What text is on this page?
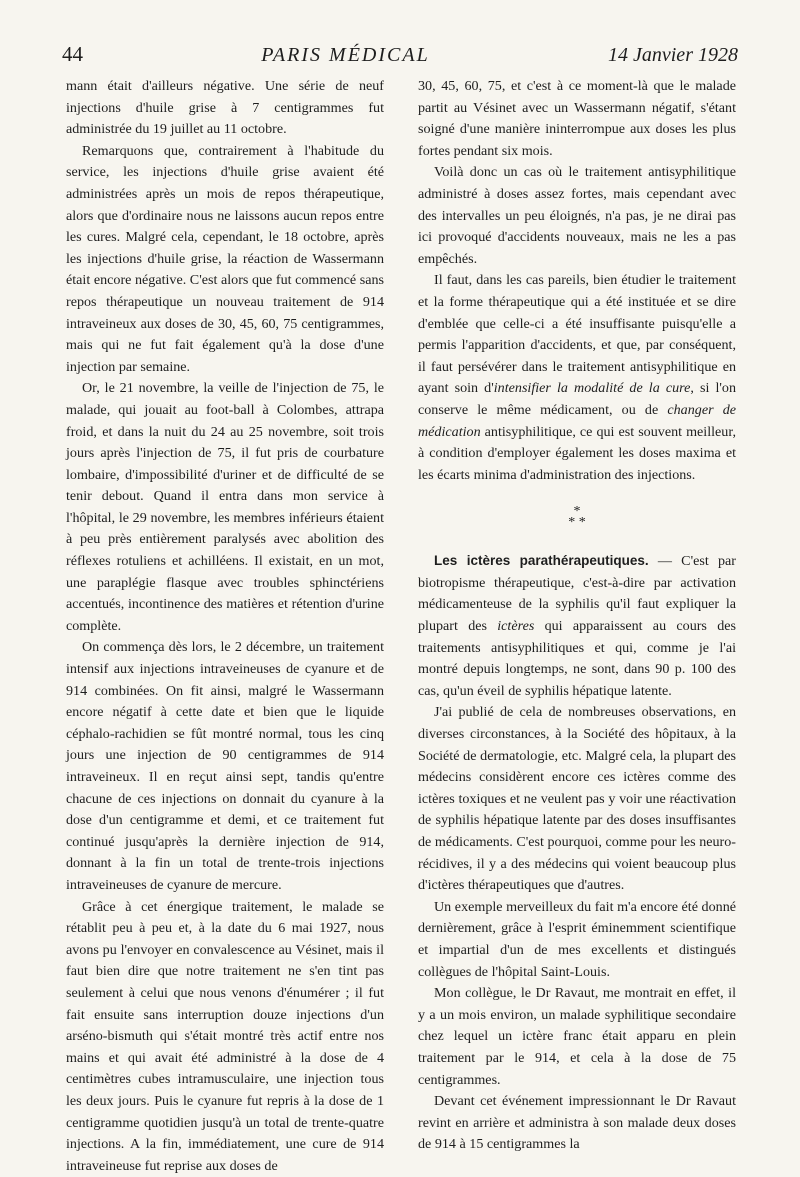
44	PARIS MÉDICAL	14 Janvier 1928

mann était d'ailleurs négative. Une série de neuf injections d'huile grise à 7 centigrammes fut administrée du 19 juillet au 11 octobre.

Remarquons que, contrairement à l'habitude du service, les injections d'huile grise avaient été administrées après un mois de repos thérapeutique, alors que d'ordinaire nous ne laissons aucun repos entre les cures. Malgré cela, cependant, le 18 octobre, après les injections d'huile grise, la réaction de Wassermann était encore négative. C'est alors que fut commencé sans repos thérapeutique un nouveau traitement de 914 intraveineux aux doses de 30, 45, 60, 75 centigrammes, mais qui ne fut fait également qu'à la dose d'une injection par semaine.

Or, le 21 novembre, la veille de l'injection de 75, le malade, qui jouait au foot-ball à Colombes, attrapa froid, et dans la nuit du 24 au 25 novembre, soit trois jours après l'injection de 75, il fut pris de courbature lombaire, d'impossibilité d'uriner et de difficulté de se tenir debout. Quand il entra dans mon service à l'hôpital, le 29 novembre, les membres inférieurs étaient à peu près entièrement paralysés avec abolition des réflexes rotuliens et achilléens. Il existait, en un mot, une paraplégie flasque avec troubles sphinctériens accentués, incontinence des matières et rétention d'urine complète.

On commença dès lors, le 2 décembre, un traitement intensif aux injections intraveineuses de cyanure et de 914 combinées. On fit ainsi, malgré le Wassermann encore négatif à cette date et bien que le liquide céphalo-rachidien se fût montré normal, tous les cinq jours une injection de 90 centigrammes de 914 intraveineux. Il en reçut ainsi sept, tandis qu'entre chacune de ces injections on donnait du cyanure à la dose d'un centigramme et demi, et ce traitement fut continué jusqu'après la dernière injection de 914, donnant à la fin un total de trente-trois injections intraveineuses de cyanure de mercure.

Grâce à cet énergique traitement, le malade se rétablit peu à peu et, à la date du 6 mai 1927, nous avons pu l'envoyer en convalescence au Vésinet, mais il faut bien dire que notre traitement ne s'en tint pas seulement à celui que nous venons d'énumérer ; il fut fait ensuite sans interruption douze injections d'un arséno-bismuth qui s'était montré très actif entre nos mains et qui avait été administré à la dose de 4 centimètres cubes intramusculaire, une injection tous les deux jours. Puis le cyanure fut repris à la dose de 1 centigramme quotidien jusqu'à un total de trente-quatre injections. A la fin, immédiatement, une cure de 914 intraveineuse fut reprise aux doses de

30, 45, 60, 75, et c'est à ce moment-là que le malade partit au Vésinet avec un Wassermann négatif, s'étant soigné d'une manière ininterrompue aux doses les plus fortes pendant six mois.

Voilà donc un cas où le traitement antisyphilitique administré à doses assez fortes, mais cependant avec des intervalles un peu éloignés, n'a pas, je ne dirai pas ici provoqué d'accidents nouveaux, mais ne les a pas empêchés.

Il faut, dans les cas pareils, bien étudier le traitement et la forme thérapeutique qui a été instituée et se dire d'emblée que celle-ci a été insuffisante puisqu'elle a permis l'apparition d'accidents, et que, par conséquent, il faut persévérer dans le traitement antisyphilitique en ayant soin d'intensifier la modalité de la cure, si l'on conserve le même médicament, ou de changer de médication antisyphilitique, ce qui est souvent meilleur, à condition d'employer également les doses maxima et les écarts minima d'administration des injections.

*
* *

Les ictères parathérapeutiques. — C'est par biotropisme thérapeutique, c'est-à-dire par activation médicamenteuse de la syphilis qu'il faut expliquer la plupart des ictères qui apparaissent au cours des traitements antisyphilitiques et qui, comme je l'ai montré depuis longtemps, ne sont, dans 90 p. 100 des cas, qu'un éveil de syphilis hépatique latente.

J'ai publié de cela de nombreuses observations, en diverses circonstances, à la Société des hôpitaux, à la Société de dermatologie, etc. Malgré cela, la plupart des médecins considèrent encore ces ictères comme des ictères toxiques et ne veulent pas y voir une réactivation de syphilis hépatique latente par des doses insuffisantes de médicaments. C'est pourquoi, comme pour les neuro-récidives, il y a des médecins qui voient beaucoup plus d'ictères thérapeutiques que d'autres.

Un exemple merveilleux du fait m'a encore été donné dernièrement, grâce à l'esprit éminemment scientifique et impartial d'un de mes excellents et distingués collègues de l'hôpital Saint-Louis.

Mon collègue, le Dr Ravaut, me montrait en effet, il y a un mois environ, un malade syphilitique secondaire chez lequel un ictère franc était apparu en plein traitement par le 914, et cela à la dose de 75 centigrammes.

Devant cet événement impressionnant le Dr Ravaut revint en arrière et administra à son malade deux doses de 914 à 15 centigrammes la
